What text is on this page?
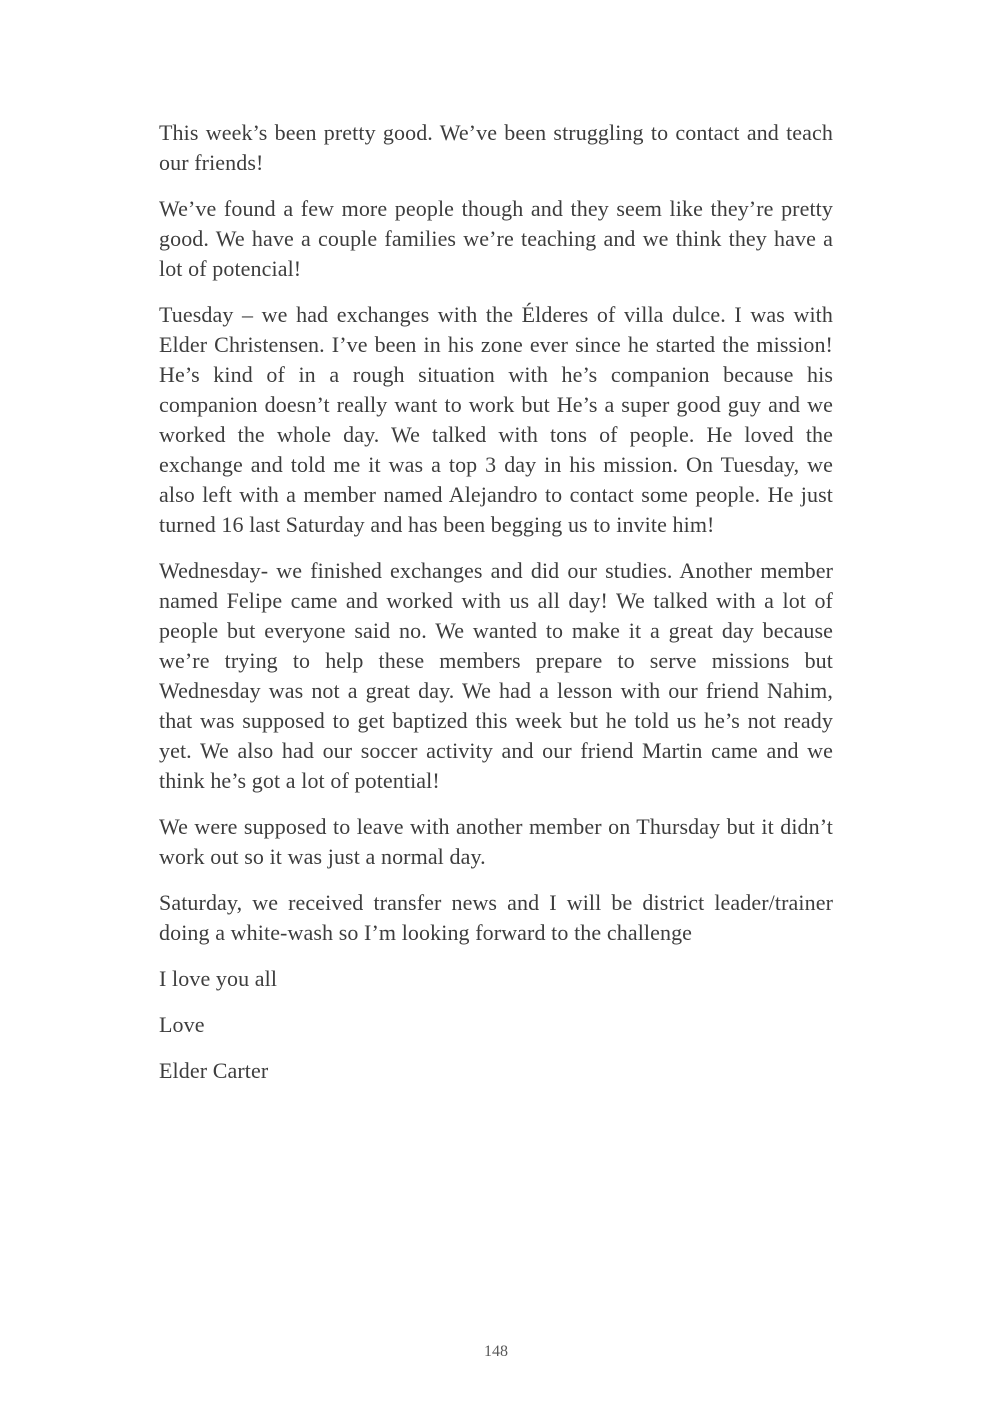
This week’s been pretty good. We’ve been struggling to contact and teach our friends!

We’ve found a few more people though and they seem like they’re pretty good. We have a couple families we’re teaching and we think they have a lot of potencial!

Tuesday – we had exchanges with the Élderes of villa dulce. I was with Elder Christensen. I’ve been in his zone ever since he started the mission! He’s kind of in a rough situation with he’s companion because his companion doesn’t really want to work but He’s a super good guy and we worked the whole day. We talked with tons of people. He loved the exchange and told me it was a top 3 day in his mission. On Tuesday, we also left with a member named Alejandro to contact some people. He just turned 16 last Saturday and has been begging us to invite him!

Wednesday- we finished exchanges and did our studies. Another member named Felipe came and worked with us all day! We talked with a lot of people but everyone said no. We wanted to make it a great day because we’re trying to help these members prepare to serve missions but Wednesday was not a great day. We had a lesson with our friend Nahim, that was supposed to get baptized this week but he told us he’s not ready yet. We also had our soccer activity and our friend Martin came and we think he’s got a lot of potential!

We were supposed to leave with another member on Thursday but it didn’t work out so it was just a normal day.

Saturday, we received transfer news and I will be district leader/trainer doing a white-wash so I’m looking forward to the challenge

I love you all

Love

Elder Carter

148
